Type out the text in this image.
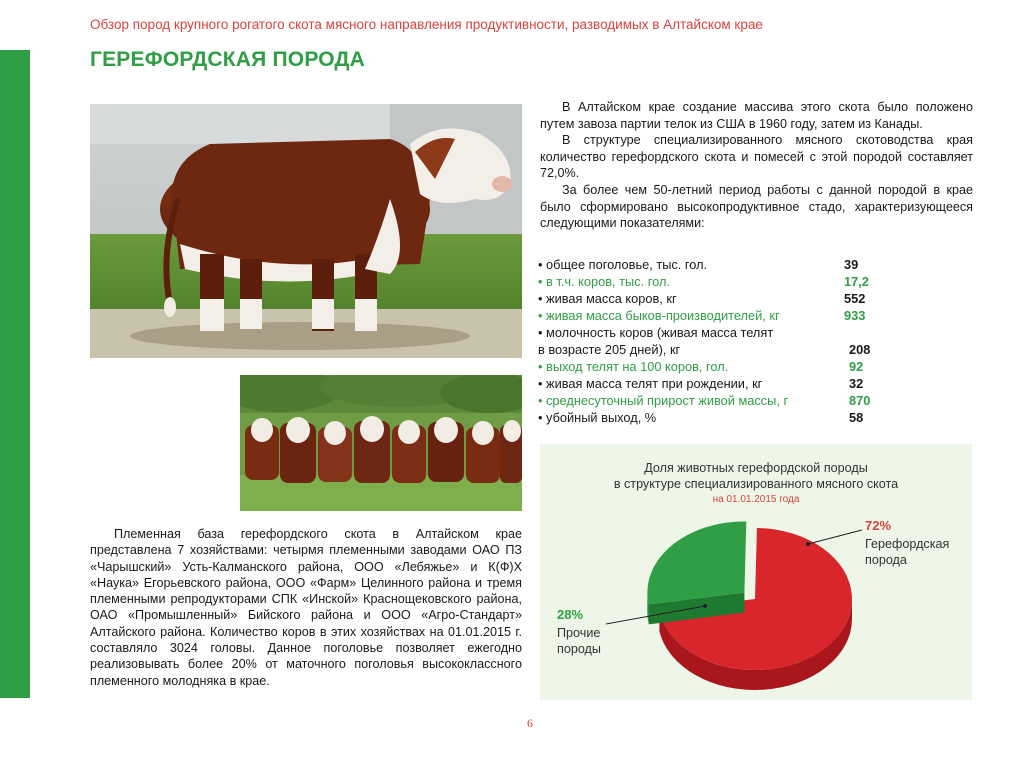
Обзор пород крупного рогатого скота мясного направления продуктивности, разводимых в Алтайском крае
ГЕРЕФОРДСКАЯ ПОРОДА

В Алтайском крае создание массива этого скота было положено путем завоза партии телок из США в 1960 году, затем из Канады.

В структуре специализированного мясного скотоводства края количество герефордского скота и помесей с этой породой составляет 72,0%.

За более чем 50-летний период работы с данной породой в крае было сформировано высокопродуктивное стадо, характеризующееся следующими показателями:

• общее поголовье, тыс. гол.	39
• в т.ч. коров, тыс. гол.	17,2
• живая масса коров, кг	552
• живая масса быков-производителей, кг	933
• молочность коров (живая масса телят
в возрасте 205 дней), кг	208
• выход телят на 100 коров, гол.	92
• живая масса телят при рождении, кг	32
• среднесуточный прирост живой массы, г	870
• убойный выход, %	58

Племенная база герефордского скота в Алтайском крае представлена 7 хозяйствами: четырмя племенными заводами ОАО ПЗ «Чарышский» Усть-Калманского района, ООО «Лебяжье» и К(Ф)Х «Наука» Егорьевского района, ООО «Фарм» Целинного района и тремя племенными репродукторами СПК «Инской» Краснощековского района, ОАО «Промышленный» Бийского района и ООО «Агро-Стандарт» Алтайского района. Количество коров в этих хозяйствах на 01.01.2015 г. составляло 3024 головы. Данное поголовье позволяет ежегодно реализовывать более 20% от маточного поголовья высококлассного племенного молодняка в крае.

Доля животных герефордской породы
в структуре специализированного мясного скота
на 01.01.2015 года
72%
Герефордская
порода
28%
Прочие
породы
6
